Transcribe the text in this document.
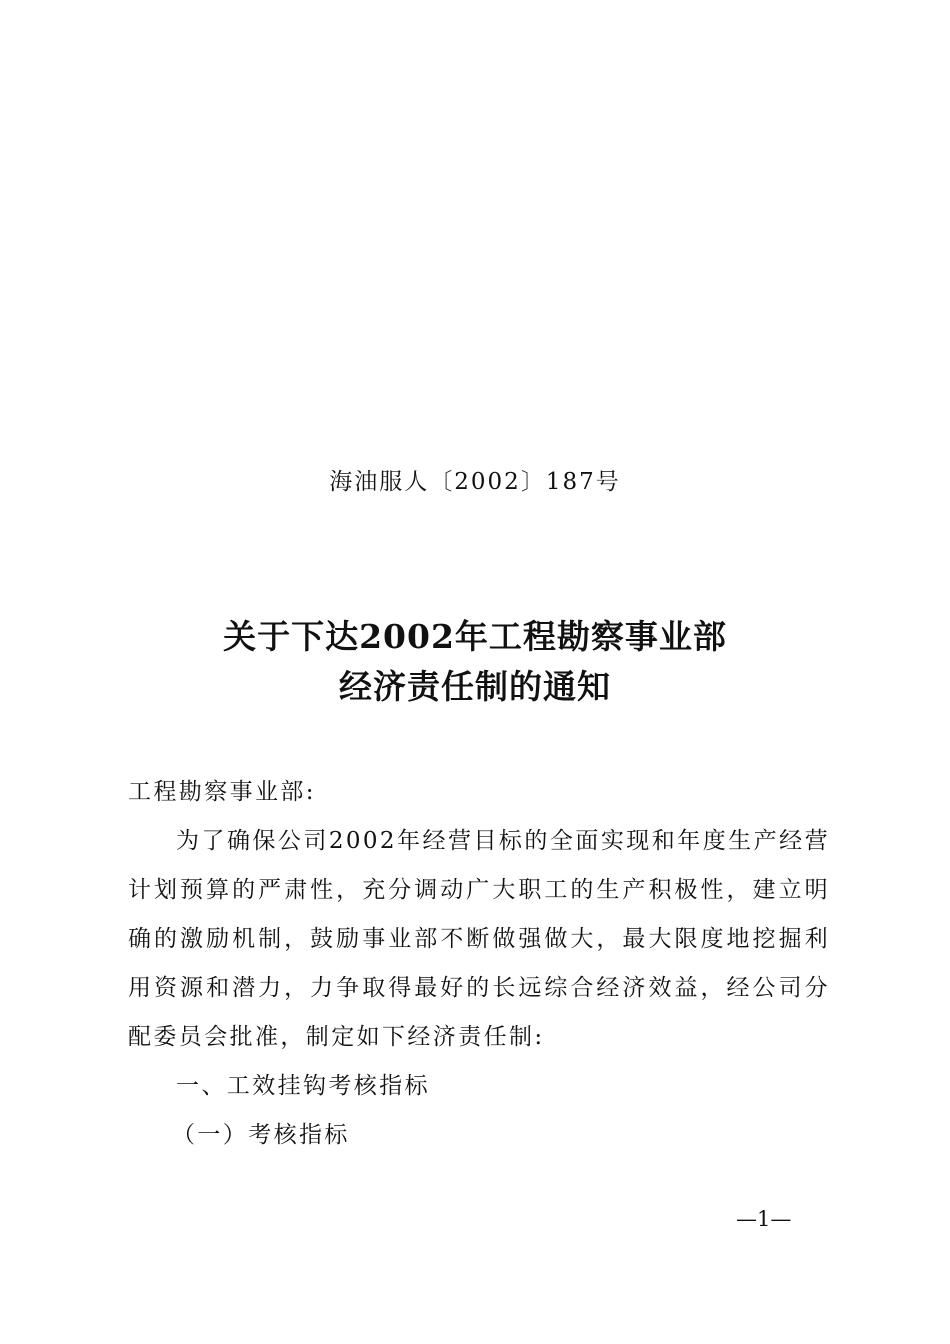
海油服人〔2002〕187号
关于下达2002年工程勘察事业部
经济责任制的通知

工程勘察事业部:

为了确保公司2002年经营目标的全面实现和年度生产经营

计划预算的严肃性，充分调动广大职工的生产积极性，建立明

确的激励机制，鼓励事业部不断做强做大，最大限度地挖掘利

用资源和潜力，力争取得最好的长远综合经济效益，经公司分

配委员会批准，制定如下经济责任制:

一、工效挂钩考核指标

（一）考核指标

—1—
